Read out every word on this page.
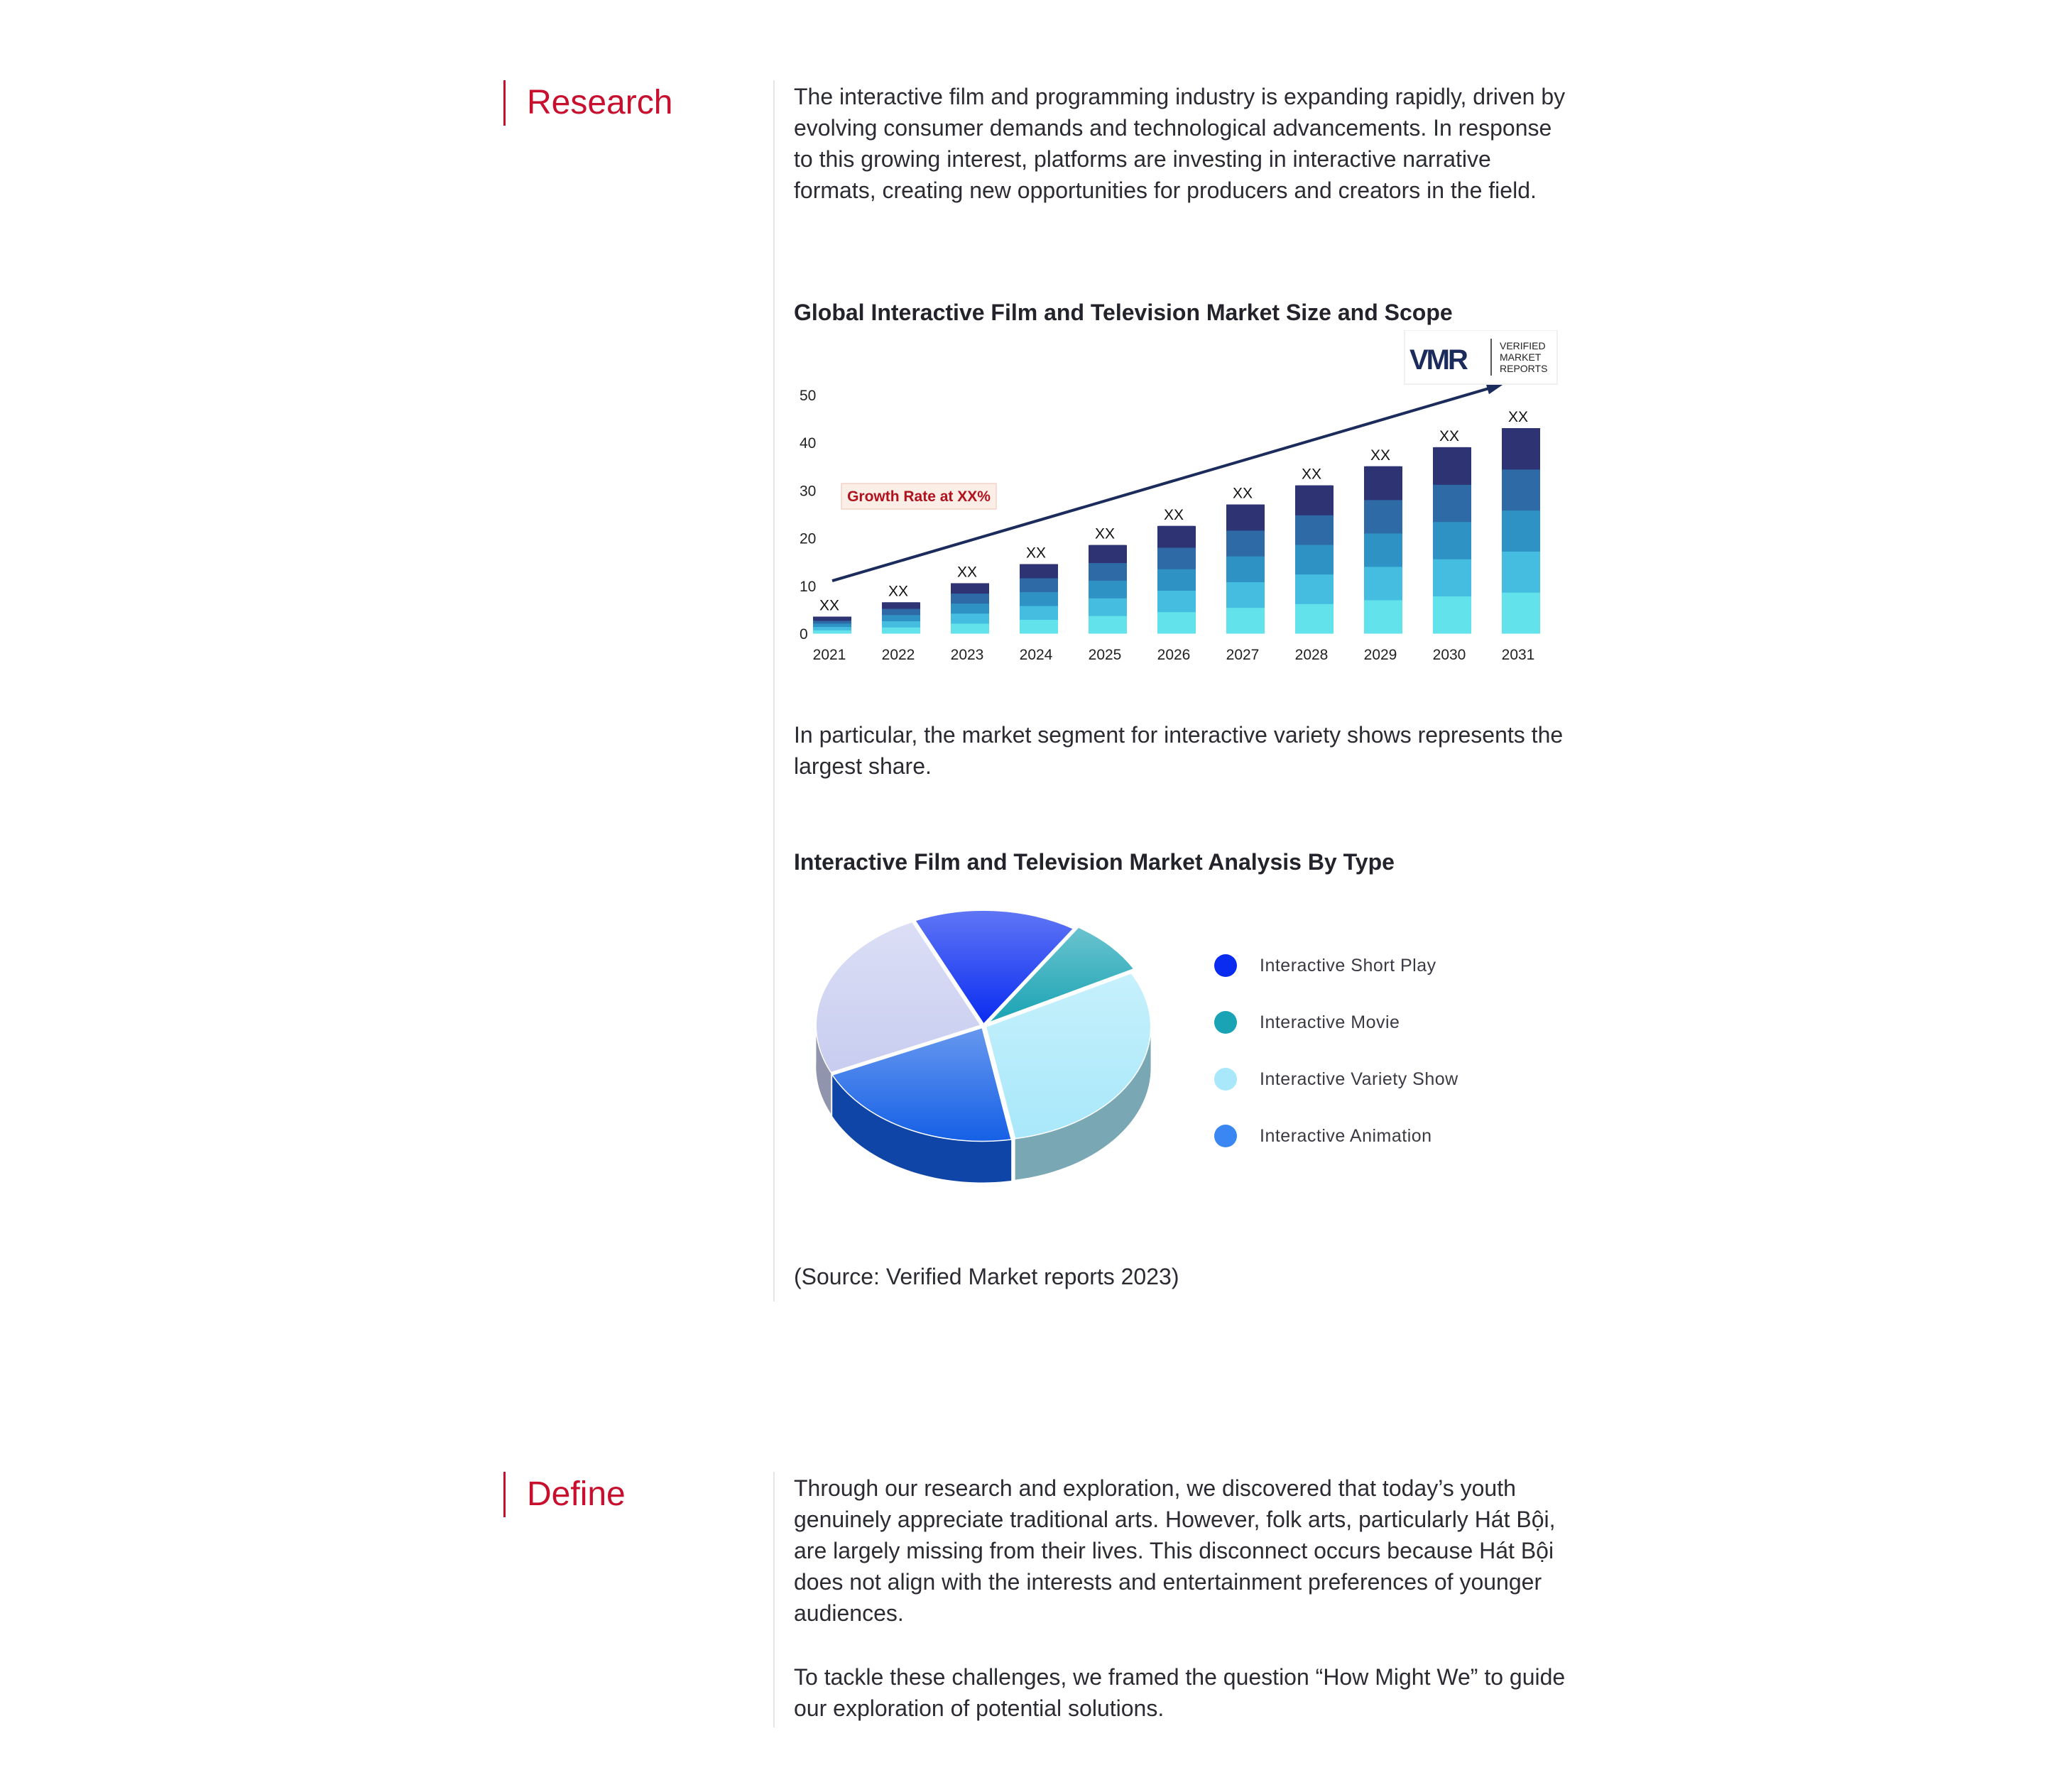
Research	The interactive film and programming industry is expanding rapidly, driven by evolving consumer demands and technological advancements. In response to this growing interest, platforms are investing in interactive narrative formats, creating new opportunities for producers and creators in the field.

Global Interactive Film and Television Market Size and Scope
0
10
20
30
40
50
2021 2022 2023 2024 2025 2026 2027 2028 2029 2030 2031
XX
XX
XX
XX
XX
XX
XX
XX
XX
XX
XX
Growth Rate at XX%
VMR	VERIFIED
MARKET
REPORTS

In particular, the market segment for interactive variety shows represents the largest share.

Interactive Film and Television Market Analysis By Type
Interactive Short Play
Interactive Movie
Interactive Variety Show
Interactive Animation

(Source: Verified Market reports 2023)

Define	Through our research and exploration, we discovered that today’s youth genuinely appreciate traditional arts. However, folk arts, particularly Hát Bội, are largely missing from their lives. This disconnect occurs because Hát Bội does not align with the interests and entertainment preferences of younger audiences.

To tackle these challenges, we framed the question “How Might We” to guide our exploration of potential solutions.
